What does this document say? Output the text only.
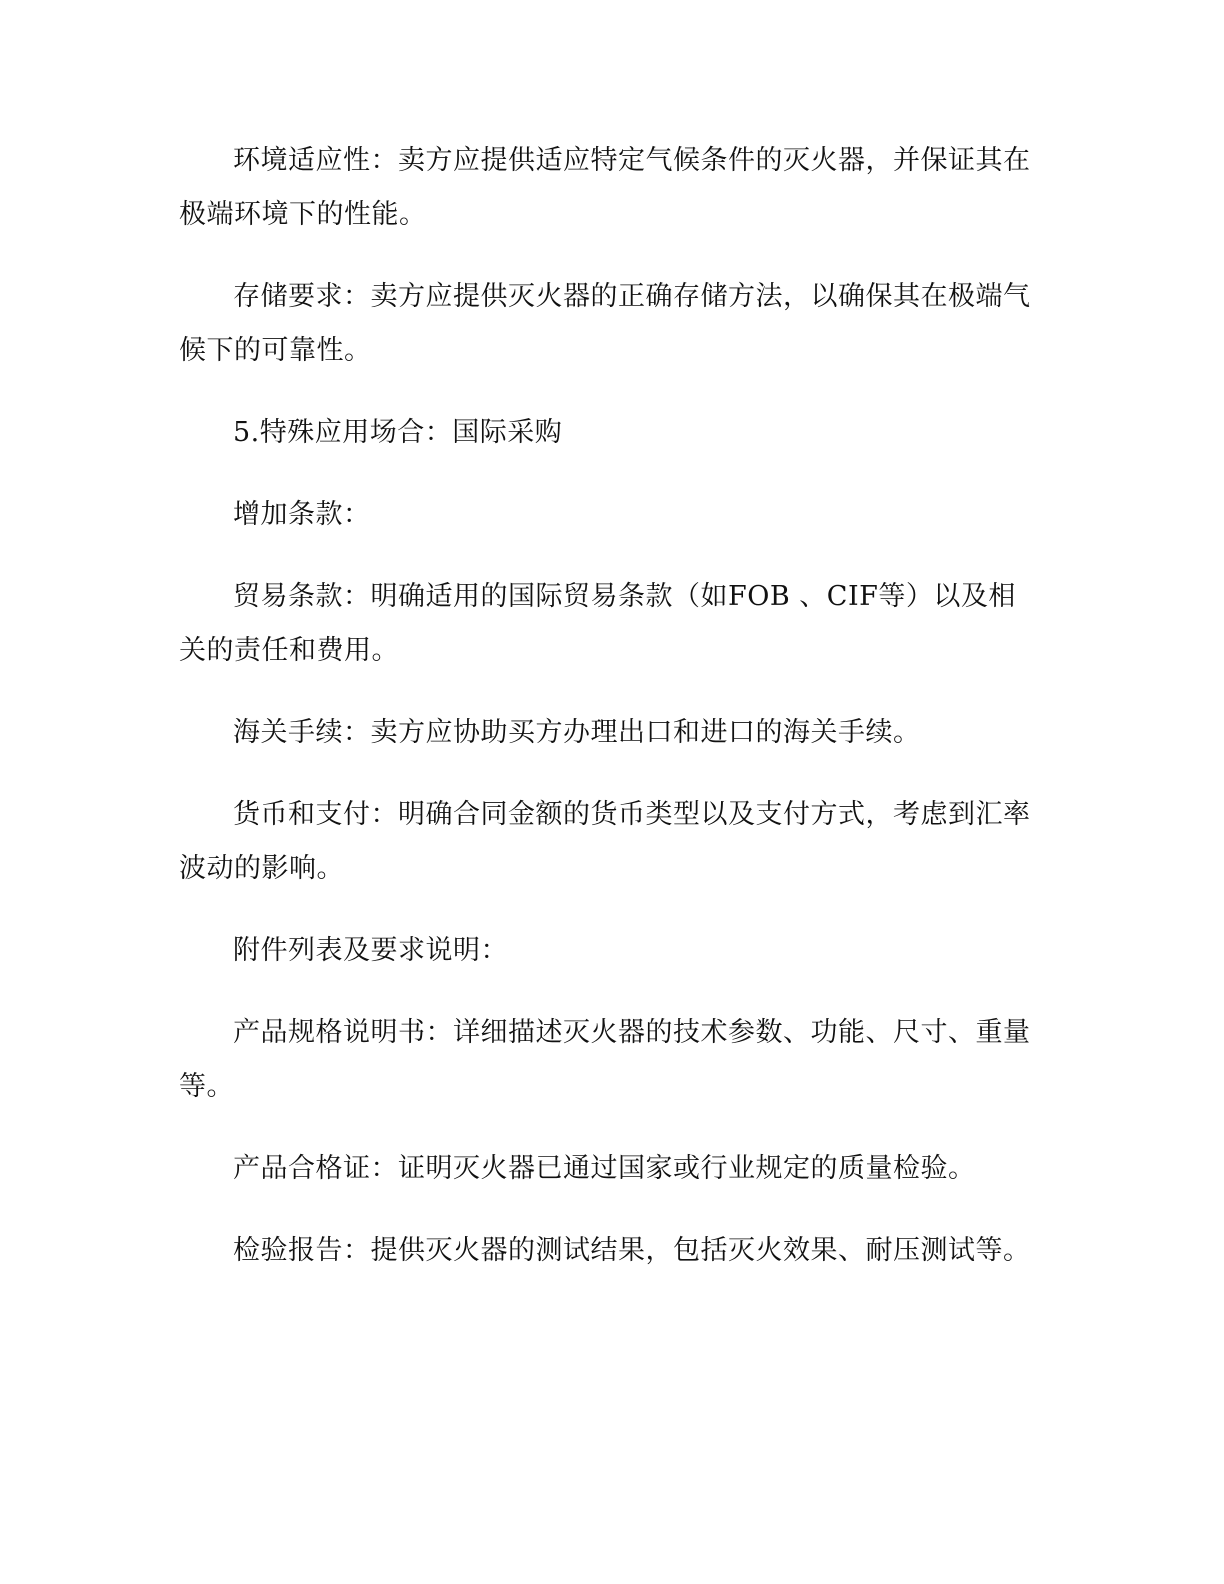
环境适应性：卖方应提供适应特定气候条件的灭火器，并保证其在极端环境下的性能。

存储要求：卖方应提供灭火器的正确存储方法，以确保其在极端气候下的可靠性。

5.特殊应用场合：国际采购

增加条款：

贸易条款：明确适用的国际贸易条款（如FOB 、CIF等）以及相关的责任和费用。

海关手续：卖方应协助买方办理出口和进口的海关手续。

货币和支付：明确合同金额的货币类型以及支付方式，考虑到汇率波动的影响。

附件列表及要求说明：

产品规格说明书：详细描述灭火器的技术参数、功能、尺寸、重量等。

产品合格证：证明灭火器已通过国家或行业规定的质量检验。

检验报告：提供灭火器的测试结果，包括灭火效果、耐压测试等。
